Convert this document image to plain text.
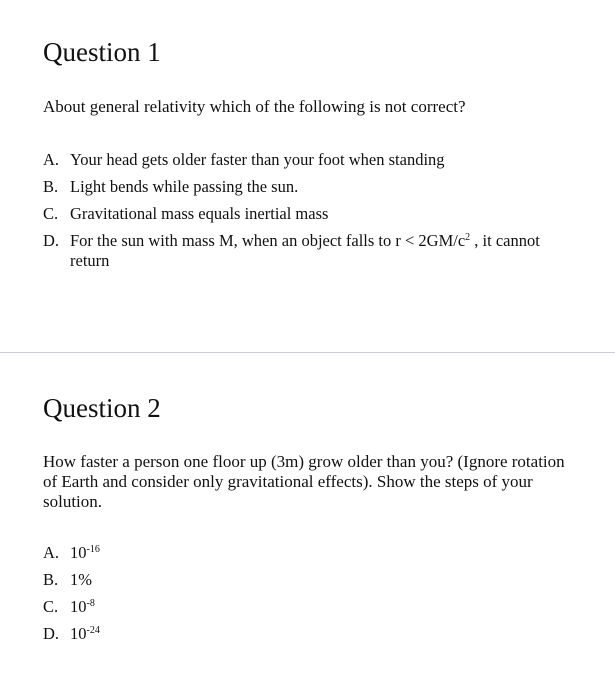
Question 1

About general relativity which of the following is not correct?

A. Your head gets older faster than your foot when standing
B. Light bends while passing the sun.
C. Gravitational mass equals inertial mass
D. For the sun with mass M, when an object falls to $r < 2GM/c^2$ , it cannot return
Question 2

How faster a person one floor up (3m) grow older than you? (Ignore rotation of Earth and consider only gravitational effects). Show the steps of your solution.

A. $10^{-16}$
B. 1%
C. $10^{-8}$
D. $10^{-24}$
